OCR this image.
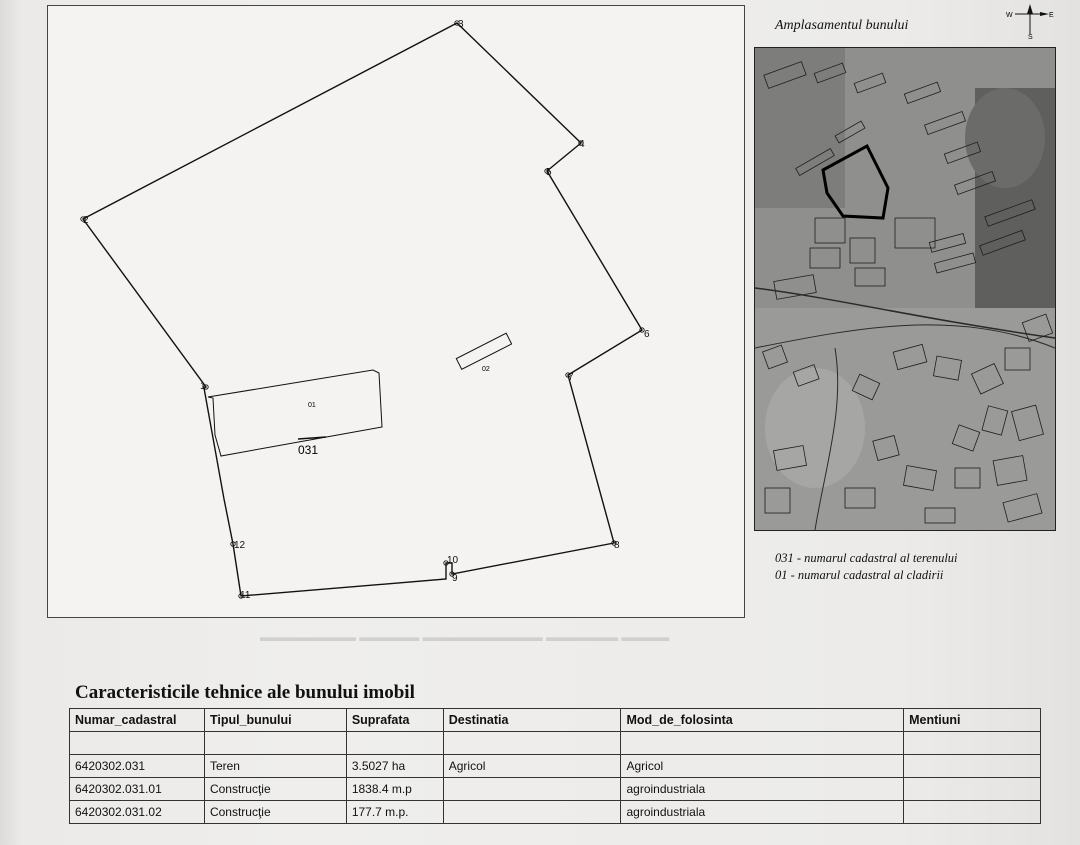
▬▬▬▬▬▬▬▬ ▬▬▬▬▬ ▬▬▬▬▬▬▬▬▬▬ ▬▬▬▬▬▬ ▬▬▬▬
01
02
031
1
2
3
4
5
6
7
8
9
10
11
12
Amplasamentul bunului
W	E
S
031 - numarul cadastral al terenului
01 - numarul cadastral al cladirii
Caracteristicile tehnice ale bunului imobil
Numar_cadastral	Tipul_bunului	Suprafata	Destinatia	Mod_de_folosinta	Mentiuni

6420302.031	Teren	3.5027 ha	Agricol	Agricol	
6420302.031.01	Construcţie	1838.4 m.p		agroindustriala	
6420302.031.02	Construcţie	177.7 m.p.		agroindustriala	
